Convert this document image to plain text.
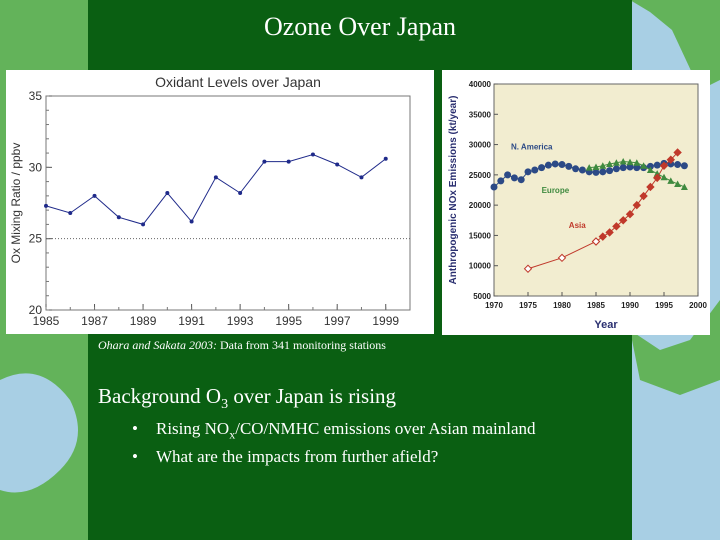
Ozone Over Japan
Oxidant Levels over Japan
20
25
30
35
1985 1987 1989 1991 1993 1995 1997 1999
Ox Mixing Ratio / ppbv
5000
10000
15000
20000
25000
30000
35000
40000
1970 1975 1980 1985 1990 1995 2000
Year
Anthropogenic NOx Emissions (kt/year)	N. America
Europe
Asia
Ohara and Sakata 2003: Data from 341 monitoring stations
Background $O_3$ over Japan is rising
• Rising $NO_x/CO$/NMHC emissions over Asian mainland
• What are the impacts from further afield?
